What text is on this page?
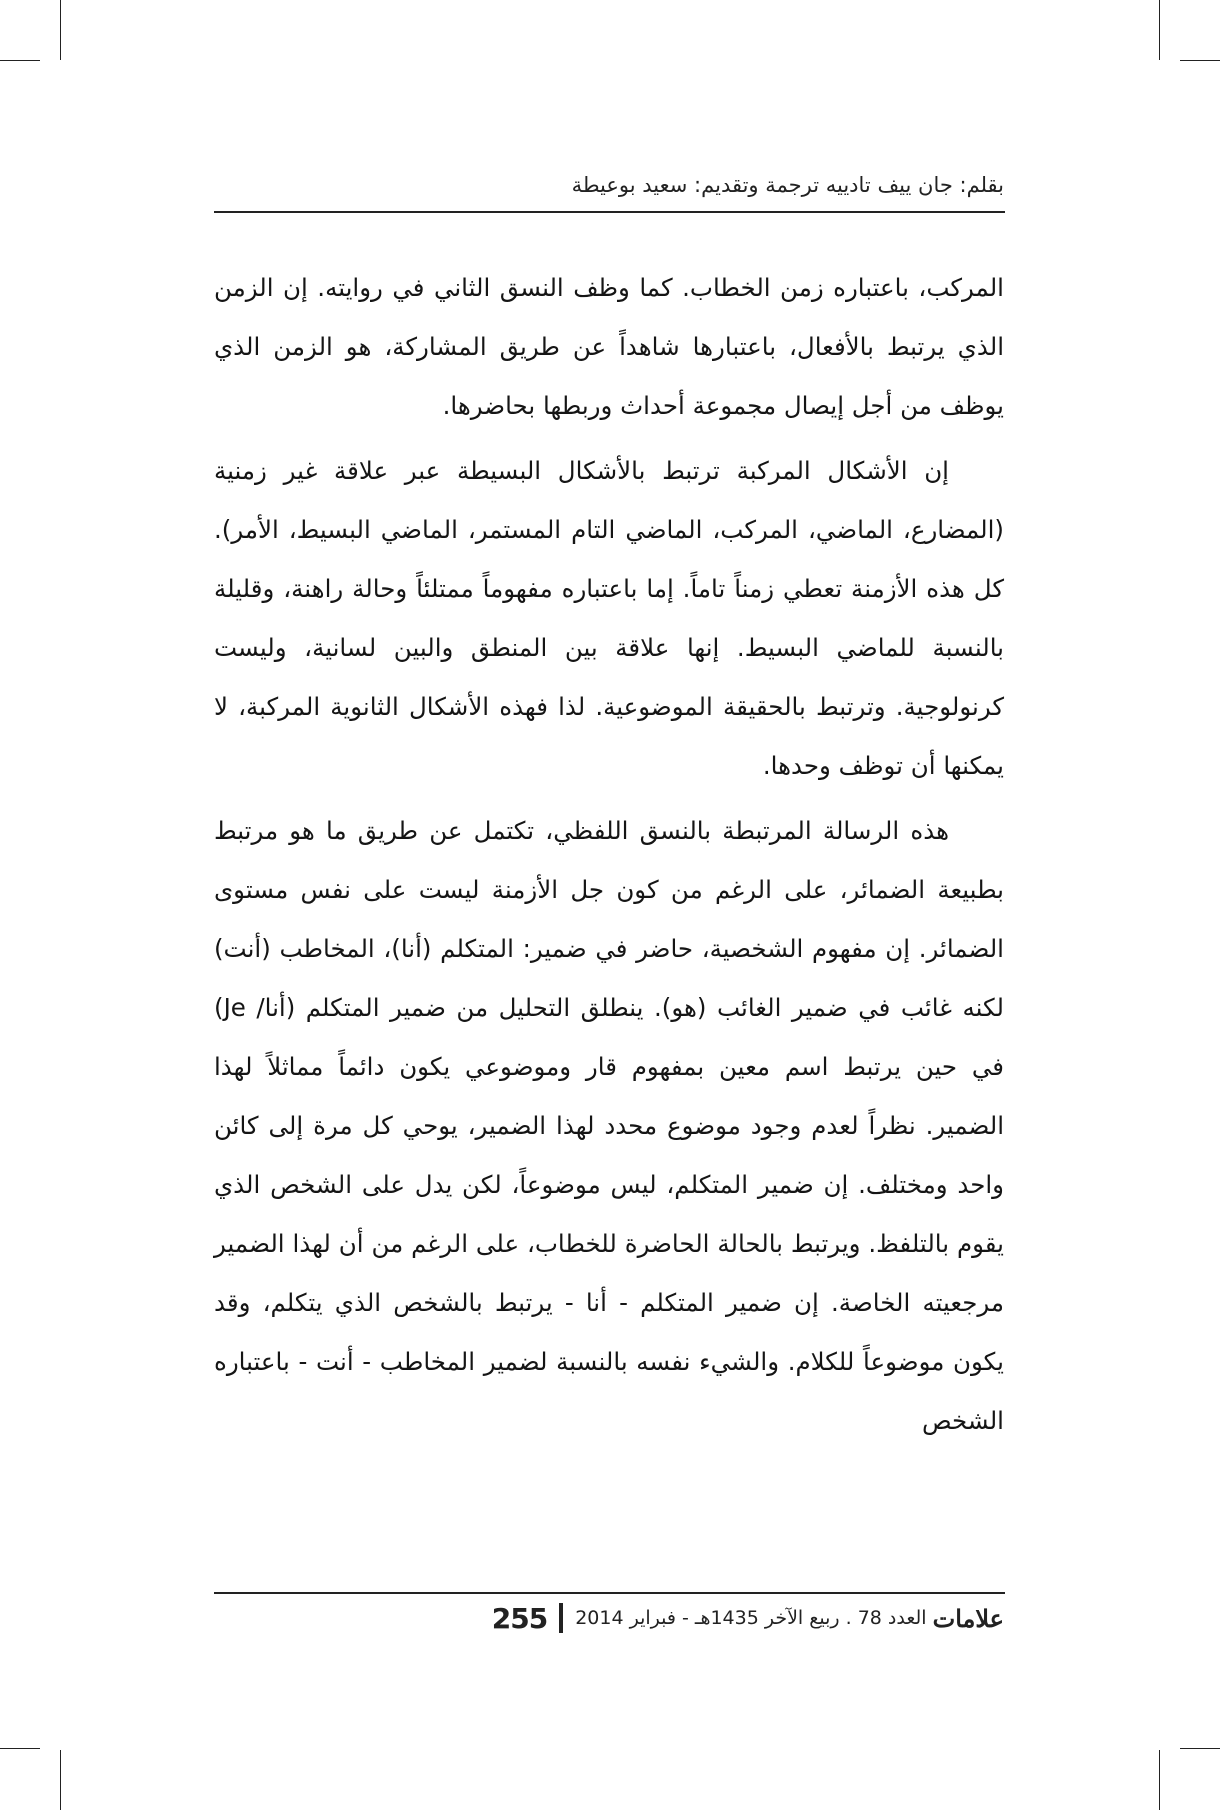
بقلم: جان ييف تادييه ترجمة وتقديم: سعيد بوعيطة

المركب، باعتباره زمن الخطاب. كما وظف النسق الثاني في روايته. إن الزمن الذي يرتبط بالأفعال، باعتبارها شاهداً عن طريق المشاركة، هو الزمن الذي يوظف من أجل إيصال مجموعة أحداث وربطها بحاضرها.

إن الأشكال المركبة ترتبط بالأشكال البسيطة عبر علاقة غير زمنية (المضارع، الماضي، المركب، الماضي التام المستمر، الماضي البسيط، الأمر). كل هذه الأزمنة تعطي زمناً تاماً. إما باعتباره مفهوماً ممتلئاً وحالة راهنة، وقليلة بالنسبة للماضي البسيط. إنها علاقة بين المنطق والبين لسانية، وليست كرنولوجية. وترتبط بالحقيقة الموضوعية. لذا فهذه الأشكال الثانوية المركبة، لا يمكنها أن توظف وحدها.

هذه الرسالة المرتبطة بالنسق اللفظي، تكتمل عن طريق ما هو مرتبط بطبيعة الضمائر، على الرغم من كون جل الأزمنة ليست على نفس مستوى الضمائر. إن مفهوم الشخصية، حاضر في ضمير: المتكلم (أنا)، المخاطب (أنت) لكنه غائب في ضمير الغائب (هو). ينطلق التحليل من ضمير المتكلم (أنا/ Je) في حين يرتبط اسم معين بمفهوم قار وموضوعي يكون دائماً مماثلاً لهذا الضمير. نظراً لعدم وجود موضوع محدد لهذا الضمير، يوحي كل مرة إلى كائن واحد ومختلف. إن ضمير المتكلم، ليس موضوعاً، لكن يدل على الشخص الذي يقوم بالتلفظ. ويرتبط بالحالة الحاضرة للخطاب، على الرغم من أن لهذا الضمير مرجعيته الخاصة. إن ضمير المتكلم - أنا - يرتبط بالشخص الذي يتكلم، وقد يكون موضوعاً للكلام. والشيء نفسه بالنسبة لضمير المخاطب - أنت - باعتباره الشخص

علامات
العدد 78 . ربيع الآخر 1435هـ - فبراير 2014
255
